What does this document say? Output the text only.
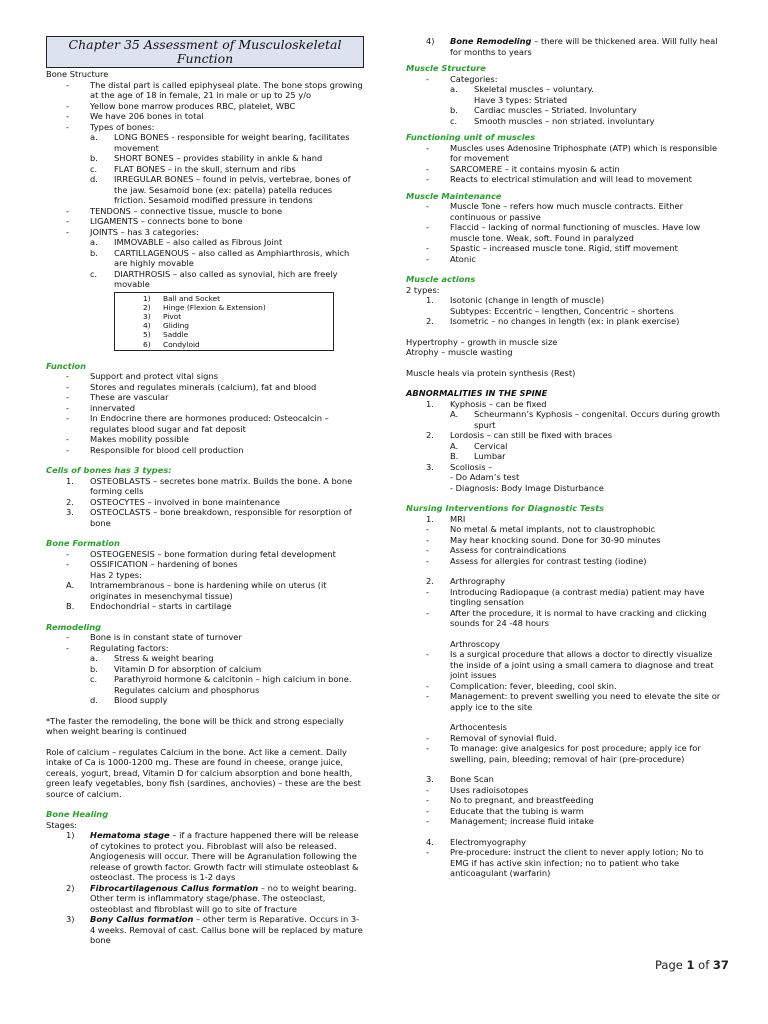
Chapter 35 Assessment of Musculoskeletal
Function

Bone Structure

-	The distal part is called epiphyseal plate. The bone stops growing at the age of 18 in female, 21 in male or up to 25 y/o
-	Yellow bone marrow produces RBC, platelet, WBC
-	We have 206 bones in total
-	Types of bones:
a.	LONG BONES - responsible for weight bearing, facilitates movement
b.	SHORT BONES – provides stability in ankle & hand
c.	FLAT BONES – in the skull, sternum and ribs
d.	IRREGULAR BONES – found in pelvis, vertebrae, bones of the jaw. Sesamoid bone (ex: patella) patella reduces friction. Sesamoid modified pressure in tendons
-	TENDONS – connective tissue, muscle to bone
-	LIGAMENTS – connects bone to bone
-	JOINTS – has 3 categories:
a.	IMMOVABLE – also called as Fibrous Joint
b.	CARTILLAGENOUS – also called as Amphiarthrosis, which are highly movable
c.	DIARTHROSIS – also called as synovial, hich are freely movable
1)	Ball and Socket
2)	Hinge (Flexion & Extension)
3)	Pivot
4)	Gliding
5)	Saddle
6)	Condyloid

Function

-	Support and protect vital signs
-	Stores and regulates minerals (calcium), fat and blood
-	These are vascular
-	innervated
-	In Endocrine there are hormones produced: Osteocalcin – regulates blood sugar and fat deposit
-	Makes mobility possible
-	Responsible for blood cell production

Cells of bones has 3 types:

1.	OSTEOBLASTS – secretes bone matrix. Builds the bone. A bone forming cells
2.	OSTEOCYTES – involved in bone maintenance
3.	OSTEOCLASTS – bone breakdown, responsible for resorption of bone

Bone Formation

-	OSTEOGENESIS – bone formation during fetal development
-	OSSIFICATION – hardening of bones

Has 2 types:

A.	Intramembranous – bone is hardening while on uterus (it originates in mesenchymal tissue)
B.	Endochondrial – starts in cartilage

Remodeling

-	Bone is in constant state of turnover
-	Regulating factors:
a.	Stress & weight bearing
b.	Vitamin D for absorption of calcium
c.	Parathyroid hormone & calcitonin – high calcium in bone. Regulates calcium and phosphorus
d.	Blood supply

*The faster the remodeling, the bone will be thick and strong especially when weight bearing is continued

Role of calcium – regulates Calcium in the bone. Act like a cement. Daily intake of Ca is 1000-1200 mg. These are found in cheese, orange juice, cereals, yogurt, bread, Vitamin D for calcium absorption and bone health, green leafy vegetables, bony fish (sardines, anchovies) – these are the best source of calcium.

Bone Healing

Stages:

1)	Hematoma stage – if a fracture happened there will be release of cytokines to protect you. Fibroblast will also be released. Angiogenesis will occur. There will be Agranulation following the release of growth factor. Growth factr will stimulate osteoblast & osteoclast. The process is 1-2 days
2)	Fibrocartilagenous Callus formation – no to weight bearing. Other term is inflammatory stage/phase. The osteoclast, osteoblast and fibroblast will go to site of fracture
3)	Bony Callus formation – other term is Reparative. Occurs in 3-4 weeks. Removal of cast. Callus bone will be replaced by mature bone
4)	Bone Remodeling – there will be thickened area. Will fully heal for months to years

Muscle Structure

-	Categories:
a.	Skeletal muscles – voluntary.
Have 3 types: Striated
b.	Cardiac muscles – Striated. Involuntary
c.	Smooth muscles – non striated. involuntary

Functioning unit of muscles

-	Muscles uses Adenosine Triphosphate (ATP) which is responsible for movement
-	SARCOMERE – it contains myosin & actin
-	Reacts to electrical stimulation and will lead to movement

Muscle Maintenance

-	Muscle Tone – refers how much muscle contracts. Either continuous or passive
-	Flaccid – lacking of normal functioning of muscles. Have low muscle tone. Weak, soft. Found in paralyzed
-	Spastic – increased muscle tone. Rigid, stiff movement
-	Atonic

Muscle actions

2 types:

1.	Isotonic (change in length of muscle)
Subtypes: Eccentric – lengthen, Concentric – shortens
2.	Isometric – no changes in length (ex: in plank exercise)

Hypertrophy – growth in muscle size

Atrophy – muscle wasting

Muscle heals via protein synthesis (Rest)

ABNORMALITIES IN THE SPINE

1.	Kyphosis – can be fixed
A.	Scheurmann’s Kyphosis – congenital. Occurs during growth spurt
2.	Lordosis – can still be fixed with braces
A.	Cervical
B.	Lumbar
3.	Scoliosis –
- Do Adam’s test
- Diagnosis: Body Image Disturbance

Nursing Interventions for Diagnostic Tests

1.	MRI
-	No metal & metal implants, not to claustrophobic
-	May hear knocking sound. Done for 30-90 minutes
-	Assess for contraindications
-	Assess for allergies for contrast testing (iodine)
2.	Arthrography
-	Introducing Radiopaque (a contrast media) patient may have tingling sensation
-	After the procedure, it is normal to have cracking and clicking sounds for 24 -48 hours
Arthroscopy
-	Is a surgical procedure that allows a doctor to directly visualize the inside of a joint using a small camera to diagnose and treat joint issues
-	Complication: fever, bleeding, cool skin.
-	Management: to prevent swelling you need to elevate the site or apply ice to the site
Arthocentesis
-	Removal of synovial fluid.
-	To manage: give analgesics for post procedure; apply ice for swelling, pain, bleeding; removal of hair (pre-procedure)
3.	Bone Scan
-	Uses radioisotopes
-	No to pregnant, and breastfeeding
-	Educate that the tubing is warm
-	Management; increase fluid intake
4.	Electromyography
-	Pre-procedure: instruct the client to never apply lotion; No to EMG if has active skin infection; no to patient who take anticoagulant (warfarin)
Page 1 of 37
